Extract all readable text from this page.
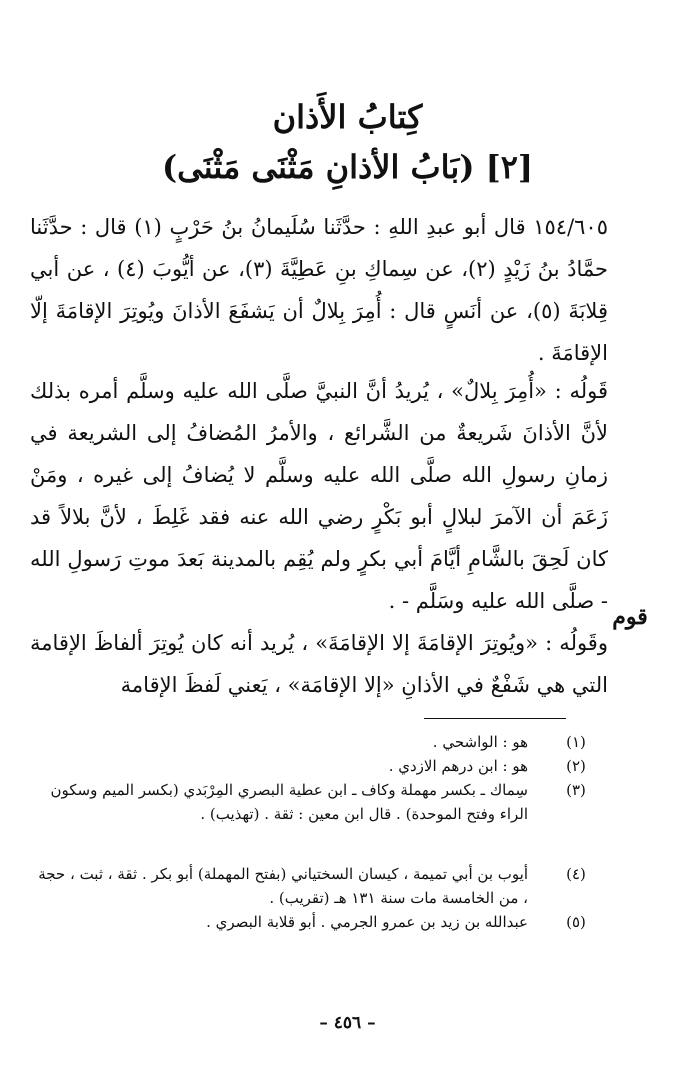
كِتابُ الأَذان
[٢] (بَابُ الأذانِ مَثْنَى مَثْنَى)

١٥٤/٦٠٥ قال أبو عبدِ اللهِ : حدَّثَنا سُلَيمانُ بنُ حَرْبٍ (١) قال : حدَّثَنا حمَّادُ بنُ زَيْدٍ (٢)، عن سِماكِ بنِ عَطِيَّةَ (٣)، عن أيُّوبَ (٤) ، عن أبي قِلابَةَ (٥)، عن أنَسٍ قال : أُمِرَ بِلالٌ أن يَشفَعَ الأذانَ ويُوتِرَ الإقامَةَ إلّا الإقامَةَ .

قَولُه : «أُمِرَ بِلالٌ» ، يُريدُ أنَّ النبيَّ صلَّى الله عليه وسلَّم أمره بذلك لأنَّ الأذانَ شَريعةٌ من الشَّرائع ، والأمرُ المُضافُ إلى الشريعة في زمانِ رسولِ الله صلَّى الله عليه وسلَّم لا يُضافُ إلى غيره ، ومَنْ زَعَمَ أن الآمرَ لبلالٍ أبو بَكْرٍ رضي الله عنه فقد غَلِطَ ، لأنَّ بلالاً قد كان لَحِقَ بالشَّامِ أيَّامَ أبي بكرٍ ولم يُقِم بالمدينة بَعدَ موتِ رَسولِ الله - صلَّى الله عليه وسَلَّم - .

وقَولُه : «ويُوتِرَ الإقامَةَ إلا الإقامَةَ» ، يُريد أنه كان يُوتِرَ ألفاظَ الإقامة التي هي شَفْعٌ في الأذانِ «إلا الإقامَة» ، يَعني لَفظَ الإقامة

قوم
(١)
هو : الواشحي .
(٢)
هو : ابن درهم الازدي .
(٣)
سِماك ـ بكسر مهملة وكاف ـ ابن عطية البصري المِرْبَدي (بكسر الميم وسكون الراء وفتح الموحدة) . قال ابن معين : ثقة . (تهذيب) .
(٤)
أيوب بن أبي تميمة ، كيسان السختياني (بفتح المهملة) أبو بكر . ثقة ، ثبت ، حجة ، من الخامسة مات سنة ١٣١ هـ (تقريب) .
(٥)
عبدالله بن زيد بن عمرو الجرمي . أبو قلابة البصري .
– ٤٥٦ –
